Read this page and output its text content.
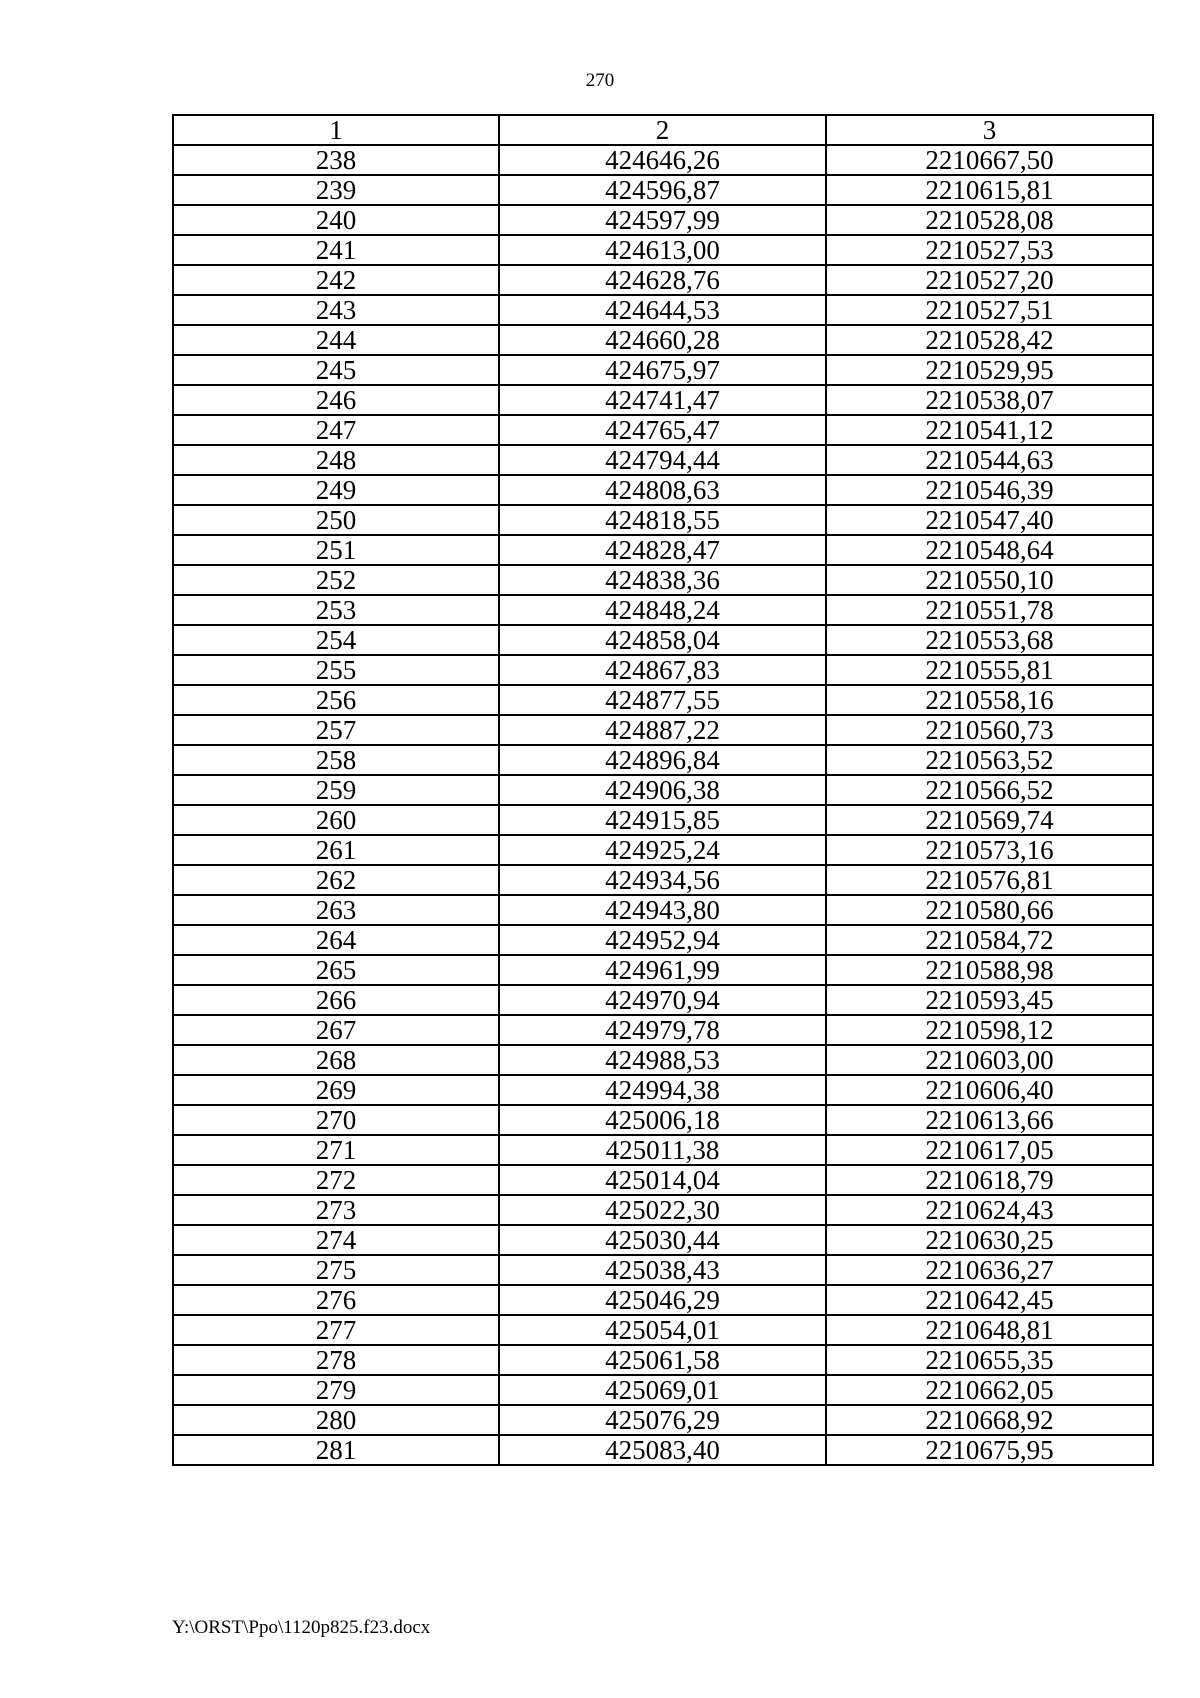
270
1	2	3
238	424646,26	2210667,50
239	424596,87	2210615,81
240	424597,99	2210528,08
241	424613,00	2210527,53
242	424628,76	2210527,20
243	424644,53	2210527,51
244	424660,28	2210528,42
245	424675,97	2210529,95
246	424741,47	2210538,07
247	424765,47	2210541,12
248	424794,44	2210544,63
249	424808,63	2210546,39
250	424818,55	2210547,40
251	424828,47	2210548,64
252	424838,36	2210550,10
253	424848,24	2210551,78
254	424858,04	2210553,68
255	424867,83	2210555,81
256	424877,55	2210558,16
257	424887,22	2210560,73
258	424896,84	2210563,52
259	424906,38	2210566,52
260	424915,85	2210569,74
261	424925,24	2210573,16
262	424934,56	2210576,81
263	424943,80	2210580,66
264	424952,94	2210584,72
265	424961,99	2210588,98
266	424970,94	2210593,45
267	424979,78	2210598,12
268	424988,53	2210603,00
269	424994,38	2210606,40
270	425006,18	2210613,66
271	425011,38	2210617,05
272	425014,04	2210618,79
273	425022,30	2210624,43
274	425030,44	2210630,25
275	425038,43	2210636,27
276	425046,29	2210642,45
277	425054,01	2210648,81
278	425061,58	2210655,35
279	425069,01	2210662,05
280	425076,29	2210668,92
281	425083,40	2210675,95
Y:\ORST\Ppo\1120p825.f23.docx
